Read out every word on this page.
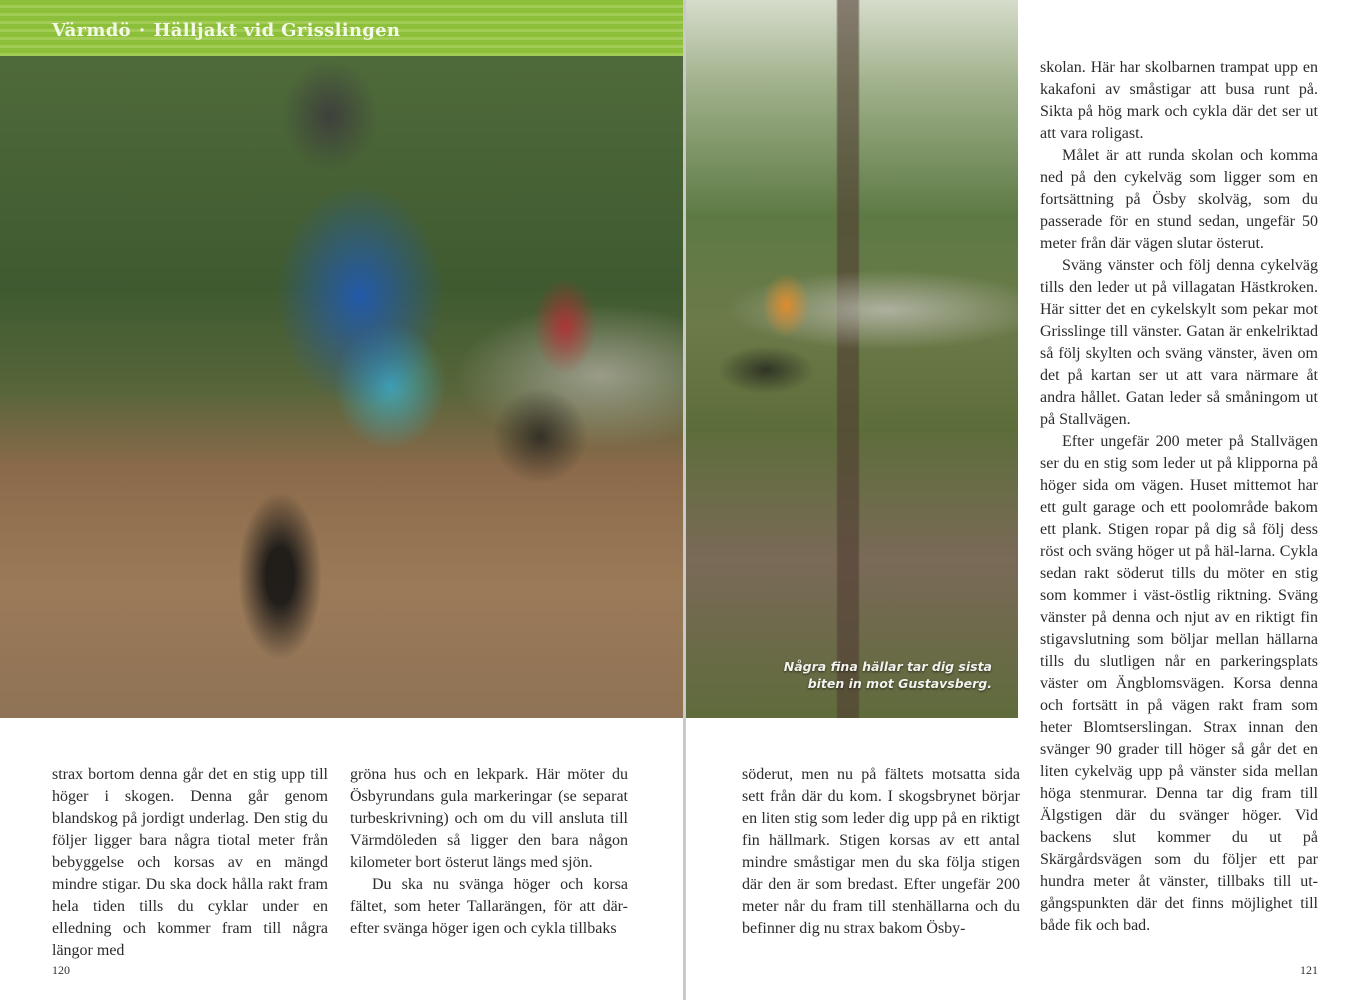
Värmdö · Hälljakt vid Grisslingen

strax bortom denna går det en stig upp till höger i skogen. Denna går genom blandskog på jordigt underlag. Den stig du följer ligger bara några tiotal meter från bebyggelse och korsas av en mängd mindre stigar. Du ska dock hålla rakt fram hela tiden tills du cyklar under en elledning och kommer fram till några längor med

gröna hus och en lekpark. Här möter du Ösbyrundans gula markeringar (se separat turbeskrivning) och om du vill ansluta till Värmdöleden så ligger den bara någon kilometer bort österut längs med sjön.

Du ska nu svänga höger och korsa fältet, som heter Tallarängen, för att där-efter svänga höger igen och cykla tillbaks

120
Några fina hällar tar dig sista
biten in mot Gustavsberg.

söderut, men nu på fältets motsatta sida sett från där du kom. I skogsbrynet börjar en liten stig som leder dig upp på en riktigt fin hällmark. Stigen korsas av ett antal mindre småstigar men du ska följa stigen där den är som bredast. Efter ungefär 200 meter når du fram till stenhällarna och du befinner dig nu strax bakom Ösby-

skolan. Här har skolbarnen trampat upp en kakafoni av småstigar att busa runt på. Sikta på hög mark och cykla där det ser ut att vara roligast.

Målet är att runda skolan och komma ned på den cykelväg som ligger som en fortsättning på Ösby skolväg, som du passerade för en stund sedan, ungefär 50 meter från där vägen slutar österut.

Sväng vänster och följ denna cykelväg tills den leder ut på villagatan Hästkroken. Här sitter det en cykelskylt som pekar mot Grisslinge till vänster. Gatan är enkelriktad så följ skylten och sväng vänster, även om det på kartan ser ut att vara närmare åt andra hållet. Gatan leder så småningom ut på Stallvägen.

Efter ungefär 200 meter på Stallvägen ser du en stig som leder ut på klipporna på höger sida om vägen. Huset mittemot har ett gult garage och ett poolområde bakom ett plank. Stigen ropar på dig så följ dess röst och sväng höger ut på häl-larna. Cykla sedan rakt söderut tills du möter en stig som kommer i väst-östlig riktning. Sväng vänster på denna och njut av en riktigt fin stigavslutning som böljar mellan hällarna tills du slutligen når en parkeringsplats väster om Ängblomsvägen. Korsa denna och fortsätt in på vägen rakt fram som heter Blomtserslingan. Strax innan den svänger 90 grader till höger så går det en liten cykelväg upp på vänster sida mellan höga stenmurar. Denna tar dig fram till Älgstigen där du svänger höger. Vid backens slut kommer du ut på Skärgårdsvägen som du följer ett par hundra meter åt vänster, tillbaks till ut-gångspunkten där det finns möjlighet till både fik och bad.

121
